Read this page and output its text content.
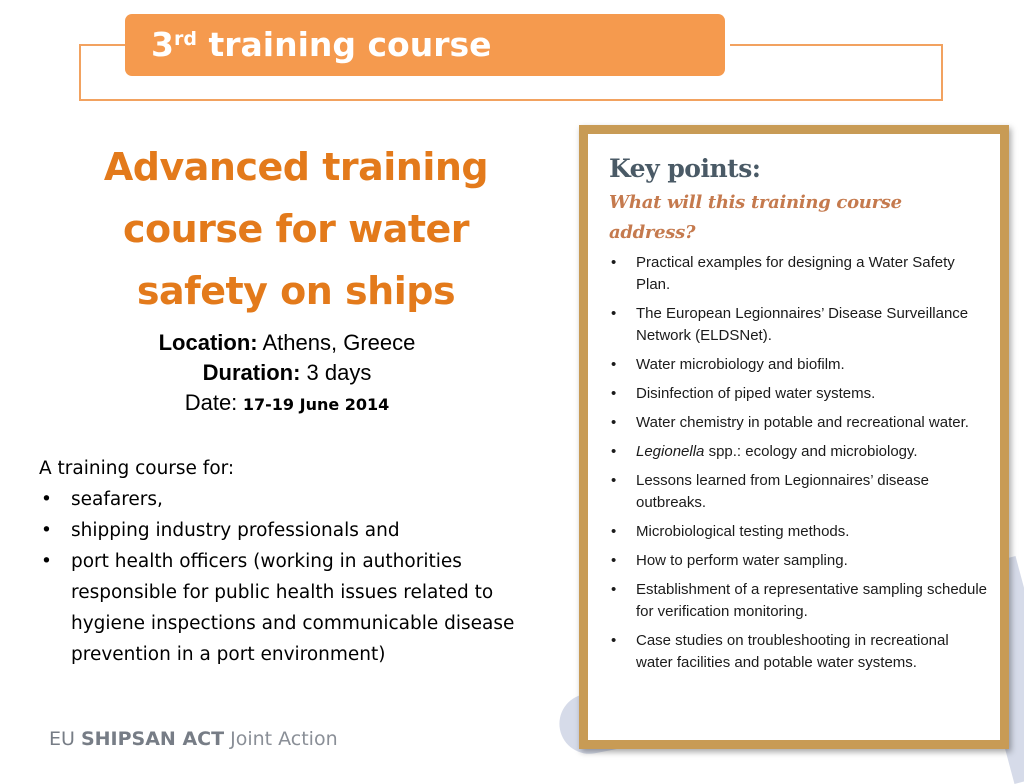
3rd training course
Advanced training
course for water
safety on ships
Location: Athens, Greece
Duration: 3 days
Date: 17-19 June 2014
A training course for:
• seafarers,
• shipping industry professionals and
• port health officers (working in authorities responsible for public health issues related to hygiene inspections and communicable disease prevention in a port environment)
Key points:
What will this training course address?
• Practical examples for designing a Water Safety Plan.
• The European Legionnaires’ Disease Surveillance Network (ELDSNet).
• Water microbiology and biofilm.
• Disinfection of piped water systems.
• Water chemistry in potable and recreational water.
• Legionella spp.: ecology and microbiology.
• Lessons learned from Legionnaires’ disease outbreaks.
• Microbiological testing methods.
• How to perform water sampling.
• Establishment of a representative sampling schedule for verification monitoring.
• Case studies on troubleshooting in recreational water facilities and potable water systems.
EU SHIPSAN ACT Joint Action
